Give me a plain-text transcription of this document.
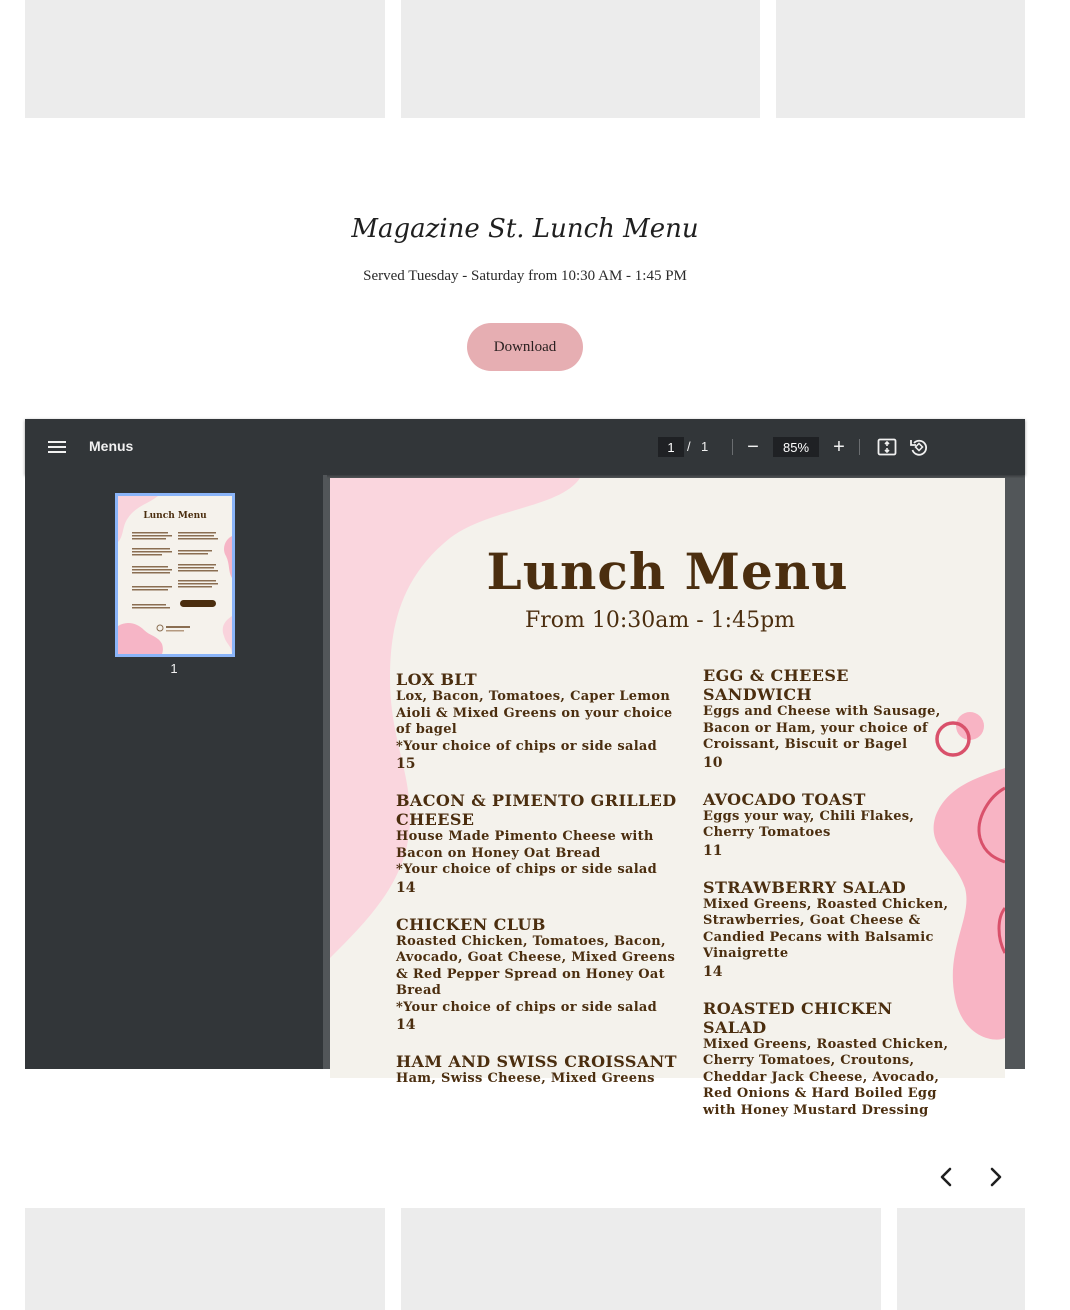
Magazine St. Lunch Menu
Served Tuesday - Saturday from 10:30 AM - 1:45 PM
Download
Menus	1 / 1	−	85%	+
Lunch Menu
1
Lunch Menu
From 10:30am - 1:45pm
LOX BLT
Lox, Bacon, Tomatoes, Caper Lemon Aioli & Mixed Greens on your choice of bagel
*Your choice of chips or side salad
15
BACON & PIMENTO GRILLED CHEESE
House Made Pimento Cheese with Bacon on Honey Oat Bread
*Your choice of chips or side salad
14
CHICKEN CLUB
Roasted Chicken, Tomatoes, Bacon, Avocado, Goat Cheese, Mixed Greens & Red Pepper Spread on Honey Oat Bread
*Your choice of chips or side salad
14
HAM AND SWISS CROISSANT
Ham, Swiss Cheese, Mixed Greens
EGG & CHEESE SANDWICH
Eggs and Cheese with Sausage, Bacon or Ham, your choice of Croissant, Biscuit or Bagel
10
AVOCADO TOAST
Eggs your way, Chili Flakes, Cherry Tomatoes
11
STRAWBERRY SALAD
Mixed Greens, Roasted Chicken, Strawberries, Goat Cheese & Candied Pecans with Balsamic Vinaigrette
14
ROASTED CHICKEN SALAD
Mixed Greens, Roasted Chicken, Cherry Tomatoes, Croutons, Cheddar Jack Cheese, Avocado, Red Onions & Hard Boiled Egg with Honey Mustard Dressing
